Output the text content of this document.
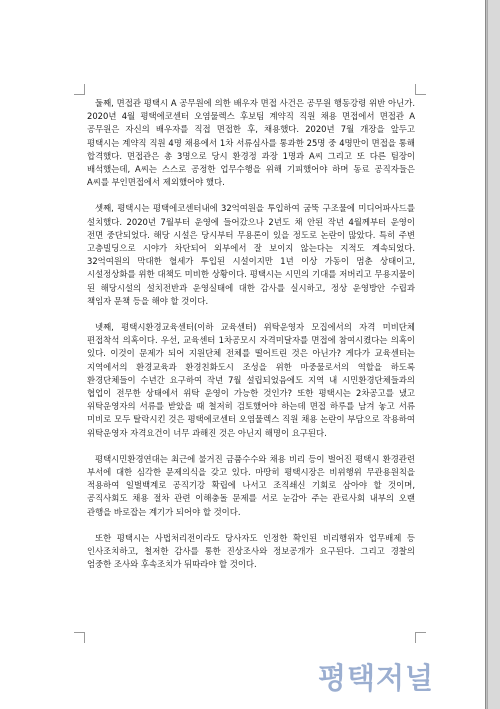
둘째, 면접관 평택시 A 공무원에 의한 배우자 면접 사건은 공무원 행동강령 위반 아닌가. 2020년 4월 평택에코센터 오염물렉스 후보팀 계약직 직원 채용 면접에서 면접관 A 공무원은 자신의 배우자를 직접 면접한 후, 채용했다. 2020년 7월 개장을 앞두고 평택시는 계약직 직원 4명 채용에서 1차 서류심사를 통과한 25명 중 4명만이 면접을 통해 합격했다. 면접관은 총 3명으로 당시 환경정 과장 1명과 A씨 그리고 또 다른 팀장이 배석했는데, A씨는 스스로 공정한 업무수행을 위해 기피했어야 하며 동료 공직자들은 A씨를 부인면접에서 제외했어야 했다.

셋째, 평택시는 평택에코센터내에 32억여원을 투입하여 굼뚝 구조물에 미디어파사드를 설치했다. 2020년 7월부터 운영에 들어갔으나 2년도 채 안된 작년 4월께부터 운영이 전면 중단되었다. 해당 시설은 당시부터 무용론이 있을 정도로 논란이 많았다. 특히 주변 고층빌딩으로 시야가 차단되어 외부에서 잘 보이지 않는다는 지적도 계속되었다. 32억여원의 막대한 혈세가 투입된 시설이지만 1년 이상 가동이 멈춘 상태이고, 시설정상화를 위한 대책도 미비한 상황이다. 평택시는 시민의 기대를 저버리고 무용지물이 된 해당시설의 설치전반과 운영실태에 대한 감사를 실시하고, 정상 운영방안 수립과 책임자 문책 등을 해야 할 것이다.

넷째, 평택시환경교육센터(이하 교육센터) 위탁운영자 모집에서의 자격 미비단체 편접착석 의혹이다. 우선, 교육센터 1차공모시 자격미달자를 면접에 참여시켰다는 의혹이 있다. 이것이 문제가 되어 지원단체 전체를 떨어트린 것은 아닌가? 게다가 교육센터는 지역에서의 환경교육과 환경친화도시 조성을 위한 마중물로서의 역할을 하도록 환경단체들이 수년간 요구하여 작년 7월 설립되었음에도 지역 내 시민환경단체들과의 협업이 전무한 상태에서 위탁 운영이 가능한 것인가? 또한 평택시는 2차공고를 냈고 위탁운영자의 서류를 받았을 때 철저히 검토했어야 하는데 면접 하루를 남겨 놓고 서류 미비로 모두 탈락시킨 것은 평택에코센터 오염물렉스 직원 채용 논란이 부담으로 작용하여 위탁운영자 자격요건이 너무 과해진 것은 아닌지 해명이 요구된다.

평택시민환경연대는 최근에 불거진 금품수수와 채용 비리 등이 벌어진 평택시 환경관련 부서에 대한 심각한 문제의식을 갖고 있다. 마땅히 평택시장은 비위행위 무관용원칙을 적용하여 일벌백계로 공직기강 확립에 나서고 조직쇄신 기회로 삼아야 할 것이며, 공직사회도 채용 절차 관련 이해충돌 문제를 서로 눈감아 주는 관료사회 내부의 오랜 관행을 바로잡는 계기가 되어야 할 것이다.

또한 평택시는 사법처리전이라도 당사자도 인정한 확인된 비리행위자 업무배제 등 인사조치하고, 철저한 감사를 통한 진상조사와 정보공개가 요구된다. 그리고 경찰의 엄중한 조사와 후속조치가 뒤따라야 할 것이다.

평택저널
